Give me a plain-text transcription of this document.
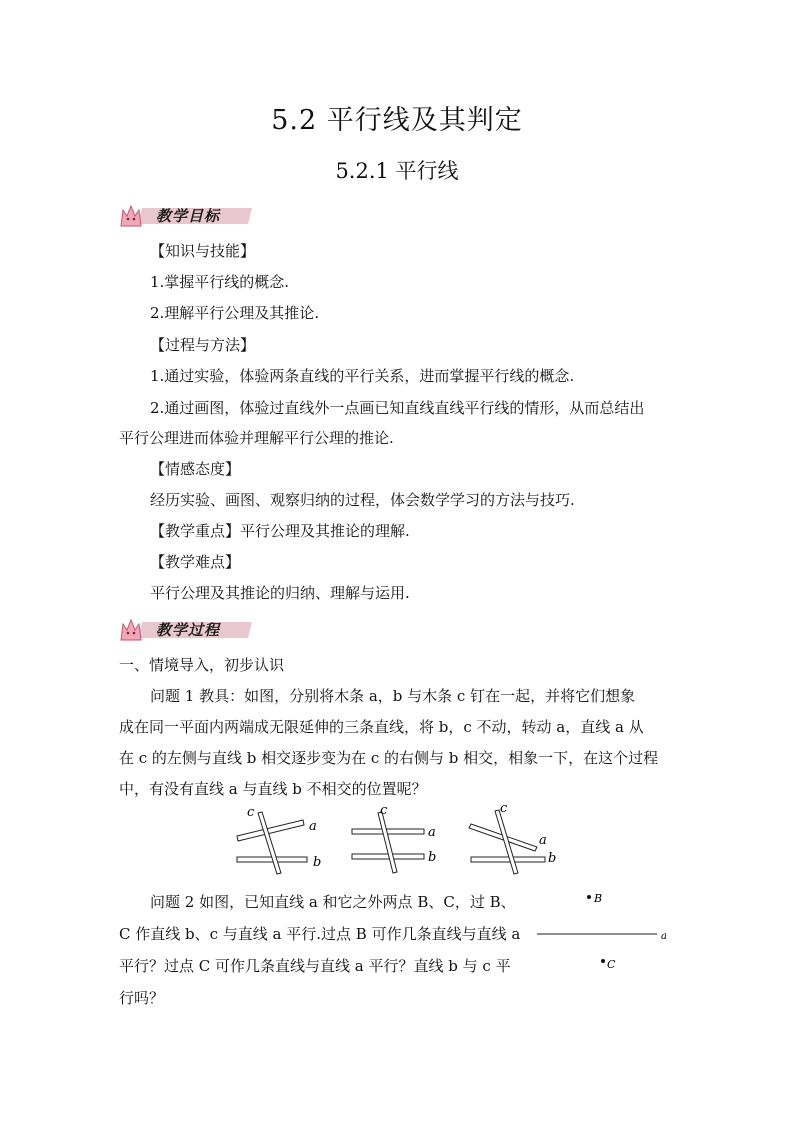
5.2 平行线及其判定
5.2.1 平行线
教学目标
【知识与技能】
1.掌握平行线的概念.
2.理解平行公理及其推论.
【过程与方法】
1.通过实验，体验两条直线的平行关系，进而掌握平行线的概念.
2.通过画图，体验过直线外一点画已知直线直线平行线的情形，从而总结出
平行公理进而体验并理解平行公理的推论.
【情感态度】
经历实验、画图、观察归纳的过程，体会数学学习的方法与技巧.
【教学重点】平行公理及其推论的理解.
【教学难点】
平行公理及其推论的归纳、理解与运用.
教学过程
一、情境导入，初步认识
问题 1 教具：如图，分别将木条 a，b 与木条 c 钉在一起，并将它们想象
成在同一平面内两端成无限延伸的三条直线，将 b，c 不动，转动 a，直线 a 从
在 c 的左侧与直线 b 相交逐步变为在 c 的右侧与 b 相交，相象一下，在这个过程
中，有没有直线 a 与直线 b 不相交的位置呢？
c
a
b
c
a
b
c
a
b
问题 2 如图，已知直线 a 和它之外两点 B、C，过 B、
C 作直线 b、c 与直线 a 平行.过点 B 可作几条直线与直线 a
平行？过点 C 可作几条直线与直线 a 平行？直线 b 与 c 平
行吗？
B
a
C
